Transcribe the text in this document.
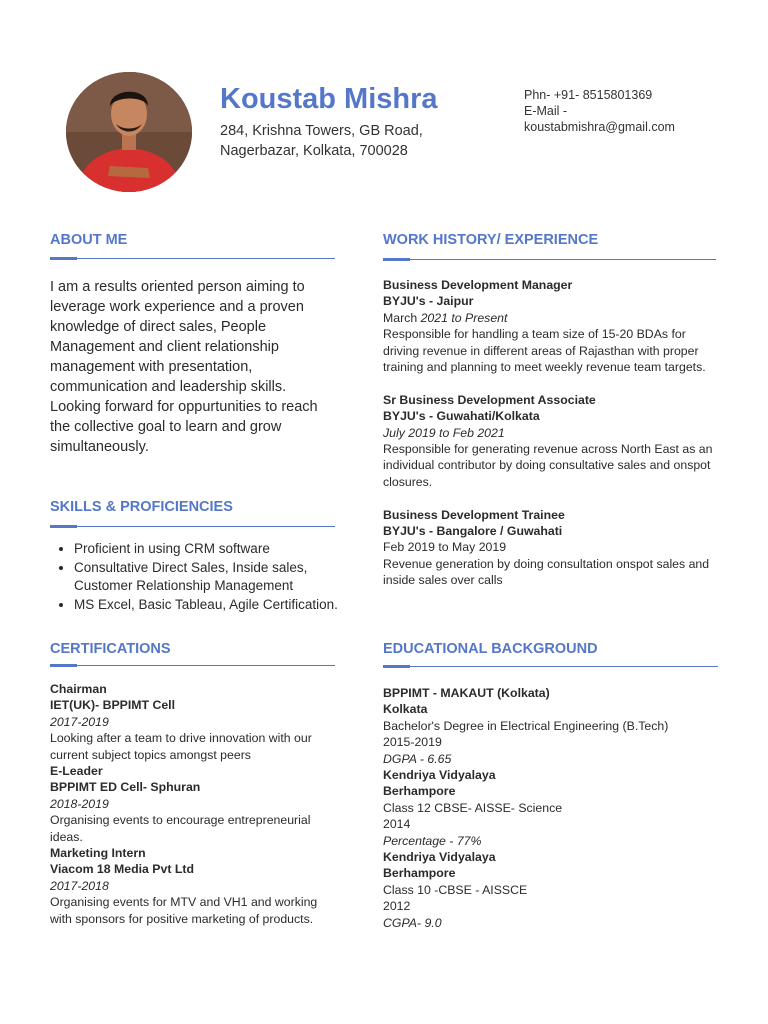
Koustab Mishra
284, Krishna Towers, GB Road,
Nagerbazar, Kolkata, 700028
Phn- +91- 8515801369
E-Mail -
koustabmishra@gmail.com
ABOUT ME
I am a results oriented person aiming to leverage work experience and a proven knowledge of direct sales, People Management and client relationship management with presentation, communication and leadership skills. Looking forward for oppurtunities to reach the collective goal to learn and grow simultaneously.
SKILLS & PROFICIENCIES
• Proficient in using CRM software
• Consultative Direct Sales, Inside sales, Customer Relationship Management
• MS Excel, Basic Tableau, Agile Certification.
CERTIFICATIONS
Chairman
IET(UK)- BPPIMT Cell
2017-2019
Looking after a team to drive innovation with our current subject topics amongst peers
E-Leader
BPPIMT ED Cell- Sphuran
2018-2019
Organising events to encourage entrepreneurial ideas.
Marketing Intern
Viacom 18 Media Pvt Ltd
2017-2018
Organising events for MTV and VH1 and working with sponsors for positive marketing of products.
WORK HISTORY/ EXPERIENCE
Business Development Manager
BYJU's - Jaipur
March 2021 to Present
Responsible for handling a team size of 15-20 BDAs for driving revenue in different areas of Rajasthan with proper training and planning to meet weekly revenue team targets.
Sr Business Development Associate
BYJU's - Guwahati/Kolkata
July 2019 to Feb 2021
Responsible for generating revenue across North East as an individual contributor by doing consultative sales and onspot closures.
Business Development Trainee
BYJU's - Bangalore / Guwahati
Feb 2019 to May 2019
Revenue generation by doing consultation onspot sales and inside sales over calls
EDUCATIONAL BACKGROUND
BPPIMT - MAKAUT (Kolkata)
Kolkata
Bachelor's Degree in Electrical Engineering (B.Tech)
2015-2019
DGPA - 6.65
Kendriya Vidyalaya
Berhampore
Class 12 CBSE- AISSE- Science
2014
Percentage - 77%
Kendriya Vidyalaya
Berhampore
Class 10 -CBSE - AISSCE
2012
CGPA- 9.0
